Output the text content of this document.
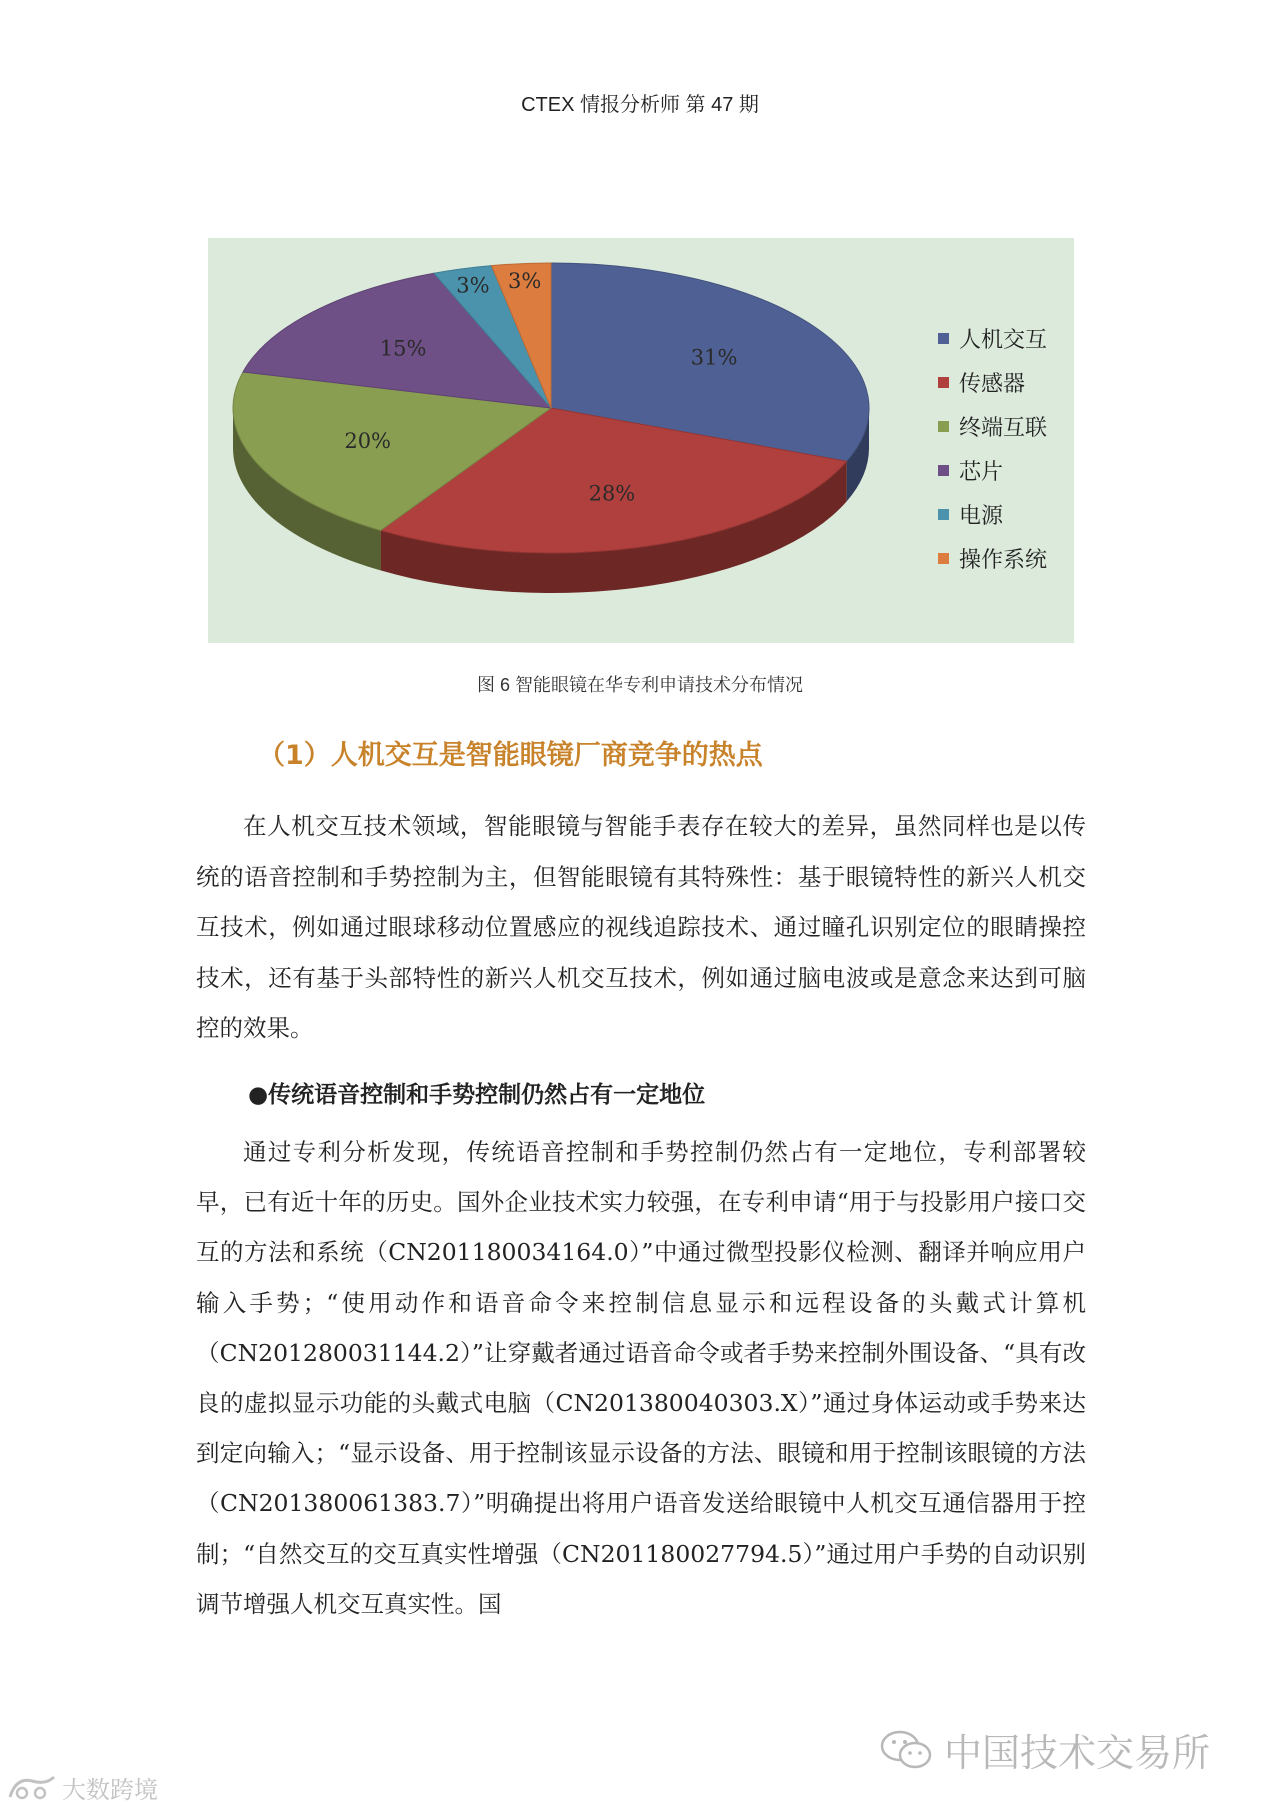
CTEX 情报分析师 第 47 期
31%
28%
20%
15%
3% 3%
人机交互
传感器
终端互联
芯片
电源
操作系统
图 6 智能眼镜在华专利申请技术分布情况
（1）人机交互是智能眼镜厂商竞争的热点

在人机交互技术领域，智能眼镜与智能手表存在较大的差异，虽然同样也是以传统的语音控制和手势控制为主，但智能眼镜有其特殊性：基于眼镜特性的新兴人机交互技术，例如通过眼球移动位置感应的视线追踪技术、通过瞳孔识别定位的眼睛操控技术，还有基于头部特性的新兴人机交互技术，例如通过脑电波或是意念来达到可脑控的效果。

●传统语音控制和手势控制仍然占有一定地位

通过专利分析发现，传统语音控制和手势控制仍然占有一定地位，专利部署较早，已有近十年的历史。国外企业技术实力较强，在专利申请“用于与投影用户接口交互的方法和系统（CN201180034164.0）”中通过微型投影仪检测、翻译并响应用户输入手势；“使用动作和语音命令来控制信息显示和远程设备的头戴式计算机（CN201280031144.2）”让穿戴者通过语音命令或者手势来控制外围设备、“具有改良的虚拟显示功能的头戴式电脑（CN201380040303.X）”通过身体运动或手势来达到定向输入；“显示设备、用于控制该显示设备的方法、眼镜和用于控制该眼镜的方法（CN201380061383.7）”明确提出将用户语音发送给眼镜中人机交互通信器用于控制；“自然交互的交互真实性增强（CN201180027794.5）”通过用户手势的自动识别调节增强人机交互真实性。国

中国技术交易所
大数跨境
